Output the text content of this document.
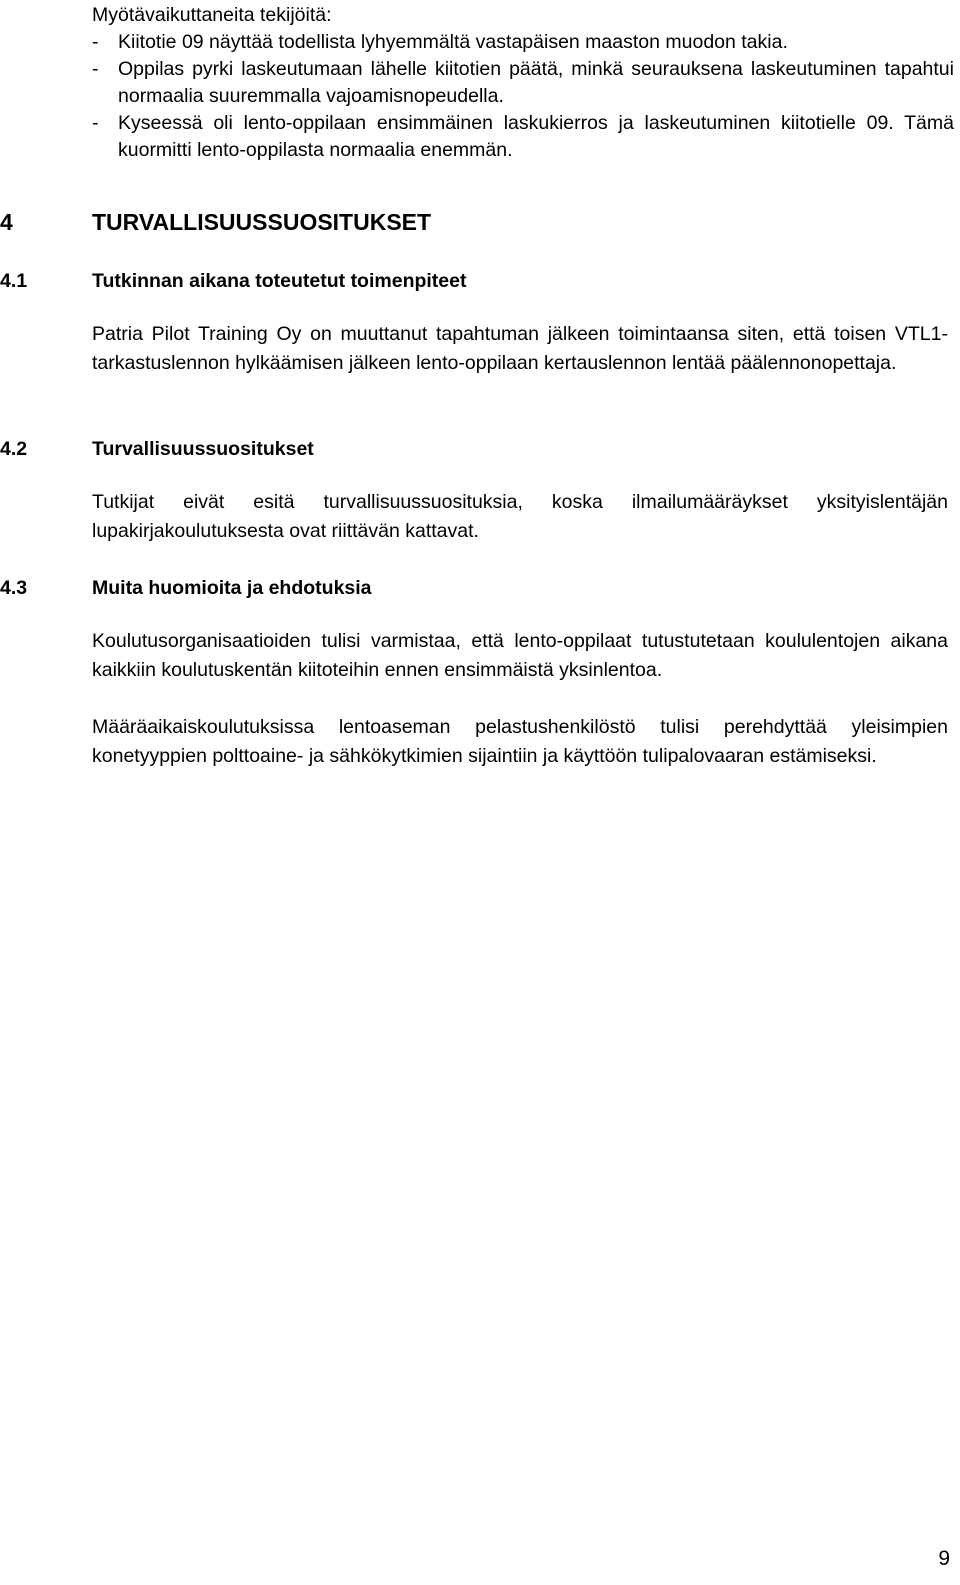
Myötävaikuttaneita tekijöitä:

- Kiitotie 09 näyttää todellista lyhyemmältä vastapäisen maaston muodon takia.
- Oppilas pyrki laskeutumaan lähelle kiitotien päätä, minkä seurauksena laskeutuminen tapahtui normaalia suuremmalla vajoamisnopeudella.
- Kyseessä oli lento-oppilaan ensimmäinen laskukierros ja laskeutuminen kiitotielle 09. Tämä kuormitti lento-oppilasta normaalia enemmän.
4	TURVALLISUUSSUOSITUKSET
4.1	Tutkinnan aikana toteutetut toimenpiteet

Patria Pilot Training Oy on muuttanut tapahtuman jälkeen toimintaansa siten, että toisen VTL1-tarkastuslennon hylkäämisen jälkeen lento-oppilaan kertauslennon lentää päälennonopettaja.

4.2	Turvallisuussuositukset

Tutkijat eivät esitä turvallisuussuosituksia, koska ilmailumääräykset yksityislentäjän lupakirjakoulutuksesta ovat riittävän kattavat.

4.3	Muita huomioita ja ehdotuksia

Koulutusorganisaatioiden tulisi varmistaa, että lento-oppilaat tutustutetaan koululentojen aikana kaikkiin koulutuskentän kiitoteihin ennen ensimmäistä yksinlentoa.

Määräaikaiskoulutuksissa lentoaseman pelastushenkilöstö tulisi perehdyttää yleisimpien konetyyppien polttoaine- ja sähkökytkimien sijaintiin ja käyttöön tulipalovaaran estämiseksi.

9
